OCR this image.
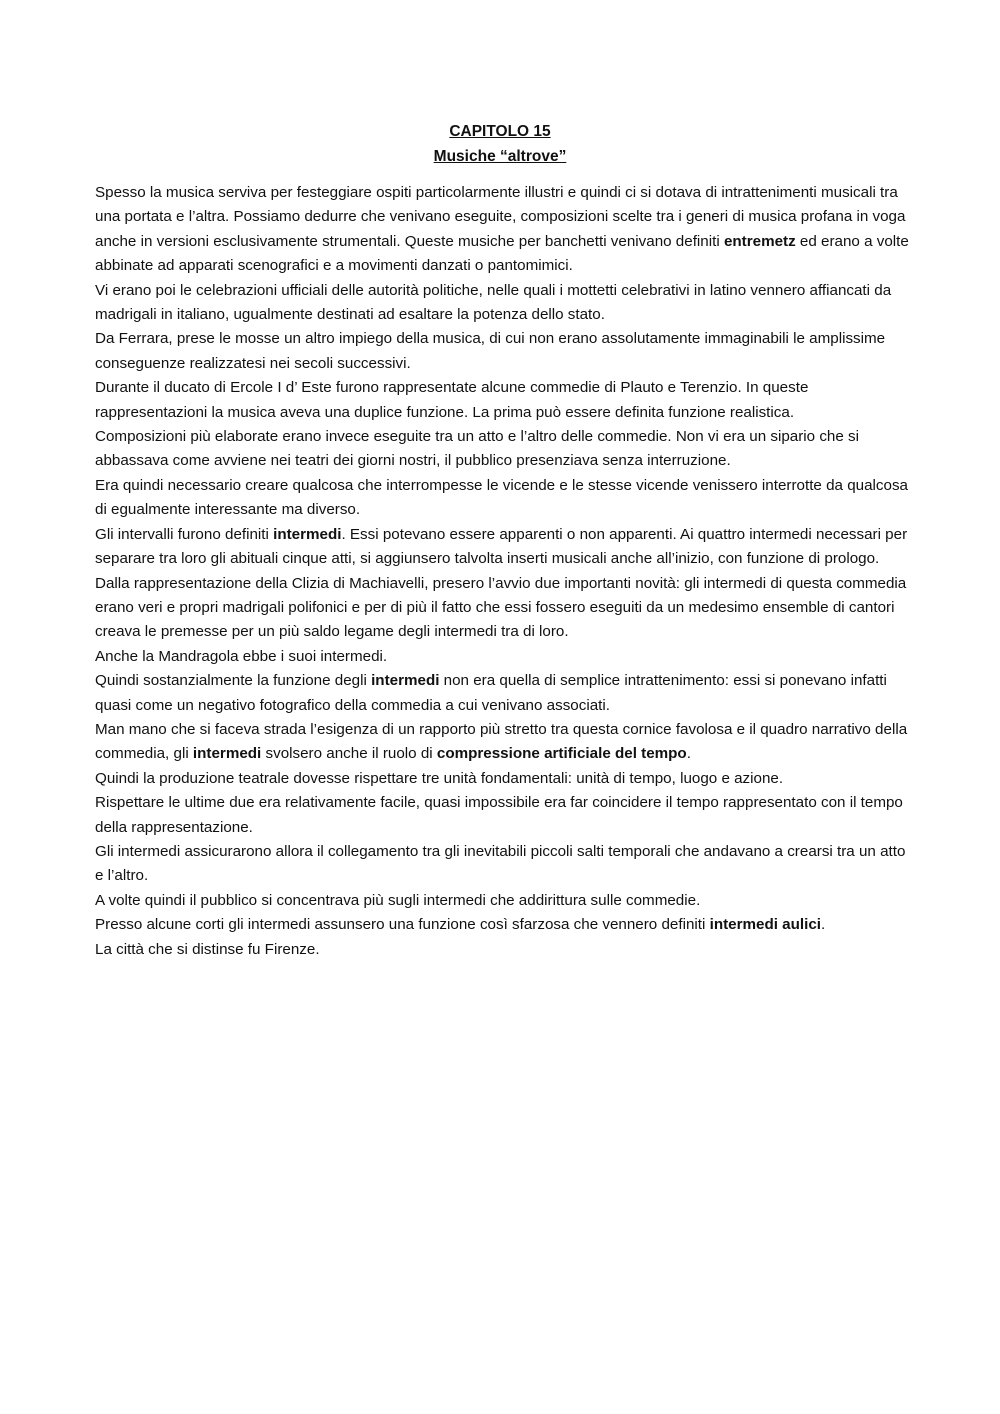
CAPITOLO 15
Musiche “altrove”

Spesso la musica serviva per festeggiare ospiti particolarmente illustri e quindi ci si dotava di intrattenimenti musicali tra una portata e l’altra. Possiamo dedurre che venivano eseguite, composizioni scelte tra i generi di musica profana in voga anche in versioni esclusivamente strumentali. Queste musiche per banchetti venivano definiti entremetz ed erano a volte abbinate ad apparati scenografici e a movimenti danzati o pantomimici.

Vi erano poi le celebrazioni ufficiali delle autorità politiche, nelle quali i mottetti celebrativi in latino vennero affiancati da madrigali in italiano, ugualmente destinati ad esaltare la potenza dello stato.

Da Ferrara, prese le mosse un altro impiego della musica, di cui non erano assolutamente immaginabili le amplissime conseguenze realizzatesi nei secoli successivi.

Durante il ducato di Ercole I d’ Este furono rappresentate alcune commedie di Plauto e Terenzio. In queste rappresentazioni la musica aveva una duplice funzione. La prima può essere definita funzione realistica.

Composizioni più elaborate erano invece eseguite tra un atto e l’altro delle commedie. Non vi era un sipario che si abbassava come avviene nei teatri dei giorni nostri, il pubblico presenziava senza interruzione.

Era quindi necessario creare qualcosa che interrompesse le vicende e le stesse vicende venissero interrotte da qualcosa di egualmente interessante ma diverso.

Gli intervalli furono definiti intermedi. Essi potevano essere apparenti o non apparenti. Ai quattro intermedi necessari per separare tra loro gli abituali cinque atti, si aggiunsero talvolta inserti musicali anche all’inizio, con funzione di prologo.

Dalla rappresentazione della Clizia di Machiavelli, presero l’avvio due importanti novità: gli intermedi di questa commedia erano veri e propri madrigali polifonici e per di più il fatto che essi fossero eseguiti da un medesimo ensemble di cantori creava le premesse per un più saldo legame degli intermedi tra di loro.

Anche la Mandragola ebbe i suoi intermedi.

Quindi sostanzialmente la funzione degli intermedi non era quella di semplice intrattenimento: essi si ponevano infatti quasi come un negativo fotografico della commedia a cui venivano associati.

Man mano che si faceva strada l’esigenza di un rapporto più stretto tra questa cornice favolosa e il quadro narrativo della commedia, gli intermedi svolsero anche il ruolo di compressione artificiale del tempo.

Quindi la produzione teatrale dovesse rispettare tre unità fondamentali: unità di tempo, luogo e azione.

Rispettare le ultime due era relativamente facile, quasi impossibile era far coincidere il tempo rappresentato con il tempo della rappresentazione.

Gli intermedi assicurarono allora il collegamento tra gli inevitabili piccoli salti temporali che andavano a crearsi tra un atto e l’altro.

A volte quindi il pubblico si concentrava più sugli intermedi che addirittura sulle commedie.

Presso alcune corti gli intermedi assunsero una funzione così sfarzosa che vennero definiti intermedi aulici.

La città che si distinse fu Firenze.
